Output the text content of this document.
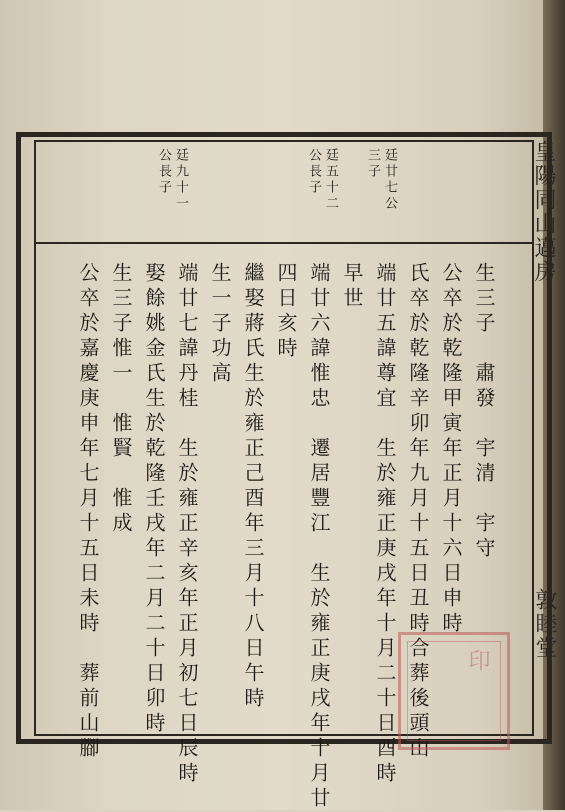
皇陽同山邁房
敦睦堂
廷廿七公
三子
廷五十二
公長子
廷九十一
公長子
生三子　肅發　宇清　宇守
公卒於乾隆甲寅年正月十六日申時
氏卒於乾隆辛卯年九月十五日丑時合葬後頭山
端廿五諱尊宜　生於雍正庚戌年十月二十日酉時
早世
端廿六諱惟忠　遷居豐江　生於雍正庚戌年十月廿
四日亥時
繼娶蔣氏生於雍正己酉年三月十八日午時
生一子功高
端廿七諱丹桂　生於雍正辛亥年正月初七日辰時
娶餘姚金氏生於乾隆壬戌年二月二十日卯時
生三子惟一　惟賢　惟成
公卒於嘉慶庚申年七月十五日未時　葬前山腳	印
